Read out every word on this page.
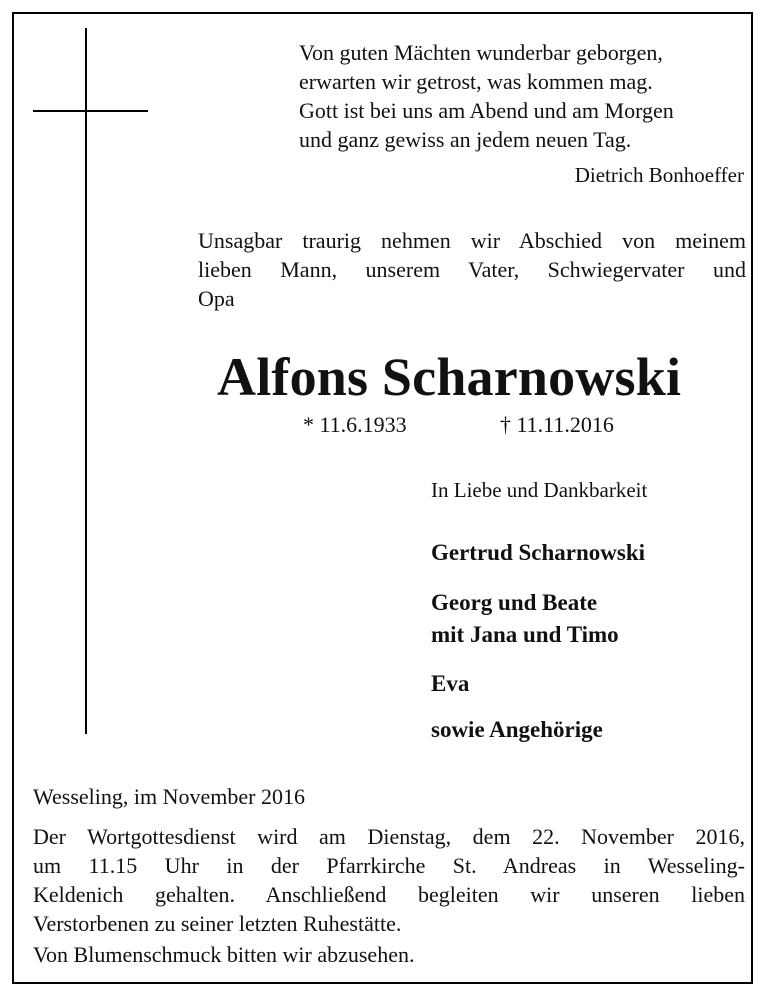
Von guten Mächten wunderbar geborgen,
erwarten wir getrost, was kommen mag.
Gott ist bei uns am Abend und am Morgen
und ganz gewiss an jedem neuen Tag.
Dietrich Bonhoeffer
Unsagbar traurig nehmen wir Abschied von meinem
lieben Mann, unserem Vater, Schwiegervater und
Opa
Alfons Scharnowski
* 11.6.1933	† 11.11.2016
In Liebe und Dankbarkeit
Gertrud Scharnowski
Georg und Beate
mit Jana und Timo
Eva
sowie Angehörige
Wesseling, im November 2016
Der Wortgottesdienst wird am Dienstag, dem 22. November 2016,
um 11.15 Uhr in der Pfarrkirche St. Andreas in Wesseling-
Keldenich gehalten. Anschließend begleiten wir unseren lieben
Verstorbenen zu seiner letzten Ruhestätte.
Von Blumenschmuck bitten wir abzusehen.
